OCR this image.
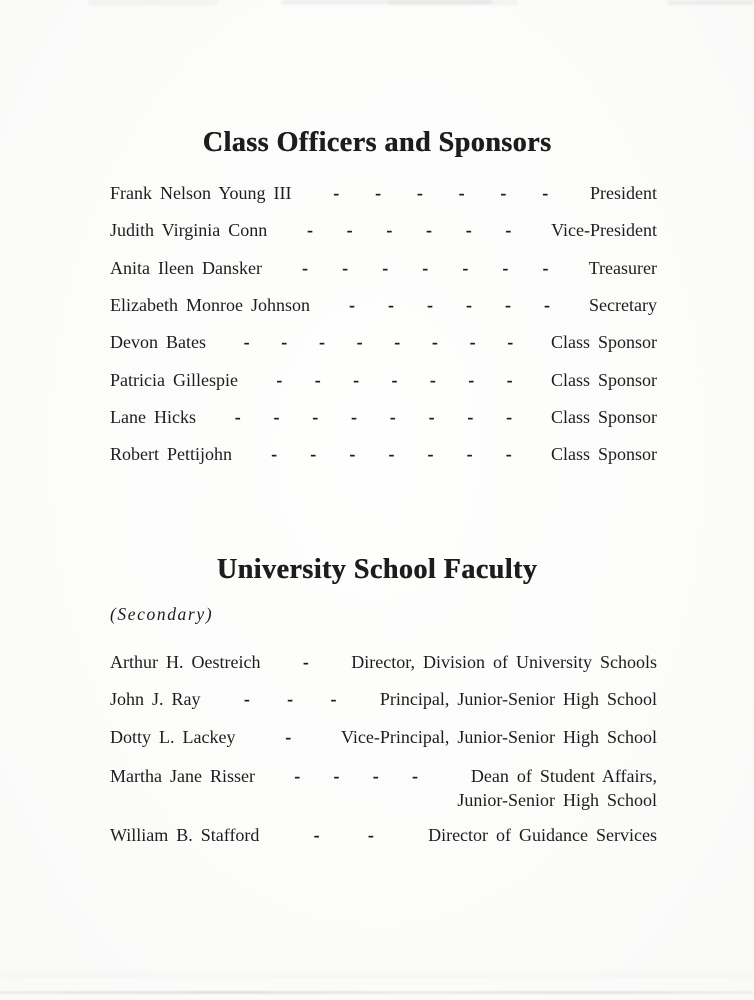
Class Officers and Sponsors
Frank Nelson Young III - - - - - - President
Judith Virginia Conn - - - - - - Vice-President
Anita Ileen Dansker - - - - - - - Treasurer
Elizabeth Monroe Johnson - - - - - - Secretary
Devon Bates - - - - - - - - Class Sponsor
Patricia Gillespie - - - - - - - Class Sponsor
Lane Hicks - - - - - - - - Class Sponsor
Robert Pettijohn - - - - - - - Class Sponsor
University School Faculty
(Secondary)
Arthur H. Oestreich - Director, Division of University Schools
John J. Ray - - - Principal, Junior-Senior High School
Dotty L. Lackey	-	Vice-Principal, Junior-Senior High School
Martha Jane Risser - - - -	Dean of Student Affairs,
Junior-Senior High School
William B. Stafford	-	-	Director of Guidance Services
